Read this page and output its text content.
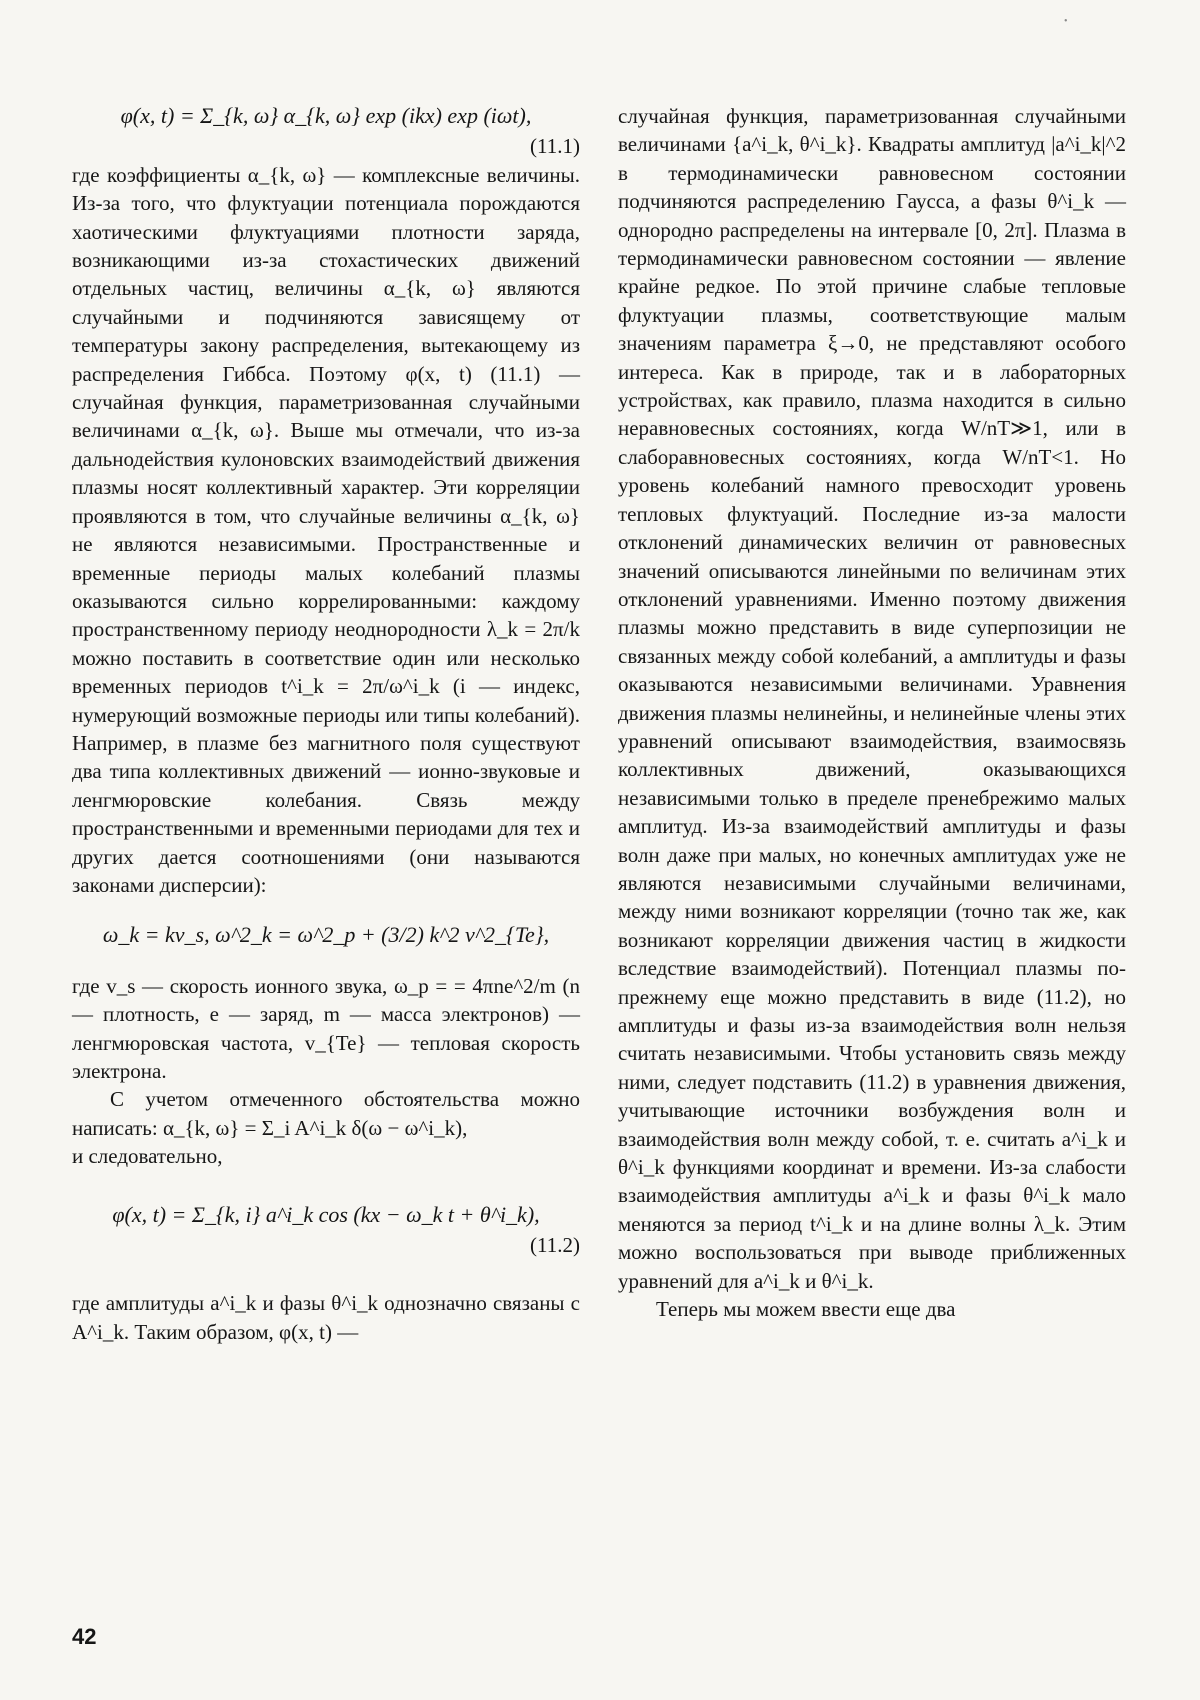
φ(x, t) = Σ_{k, ω} α_{k, ω} exp (ikx) exp (iωt),
(11.1)

где коэффициенты α_{k, ω} — комплексные величины. Из-за того, что флуктуации потенциала порождаются хаотическими флуктуациями плотности заряда, возникающими из-за стохастических движений отдельных частиц, величины α_{k, ω} являются случайными и подчиняются зависящему от температуры закону распределения, вытекающему из распределения Гиббса. Поэтому φ(x, t) (11.1) — случайная функция, параметризованная случайными величинами α_{k, ω}. Выше мы отмечали, что из-за дальнодействия кулоновских взаимодействий движения плазмы носят коллективный характер. Эти корреляции проявляются в том, что случайные величины α_{k, ω} не являются независимыми. Пространственные и временные периоды малых колебаний плазмы оказываются сильно коррелированными: каждому пространственному периоду неоднородности λ_k = 2π/k можно поставить в соответствие один или несколько временных периодов t^i_k = 2π/ω^i_k (i — индекс, нумерующий возможные периоды или типы колебаний). Например, в плазме без магнитного поля существуют два типа коллективных движений — ионно-звуковые и ленгмюровские колебания. Связь между пространственными и временными периодами для тех и других дается соотношениями (они называются законами дисперсии):

ω_k = kv_s, ω^2_k = ω^2_p + (3/2) k^2 v^2_{Te},

где v_s — скорость ионного звука, ω_p = = 4πne^2/m (n — плотность, e — заряд, m — масса электронов) — ленгмюровская частота, v_{Te} — тепловая скорость электрона.

С учетом отмеченного обстоятельства можно написать: α_{k, ω} = Σ_i A^i_k δ(ω − ω^i_k),

и следовательно,

φ(x, t) = Σ_{k, i} a^i_k cos (kx − ω_k t + θ^i_k),
(11.2)

где амплитуды a^i_k и фазы θ^i_k однозначно связаны с A^i_k. Таким образом, φ(x, t) —

случайная функция, параметризованная случайными величинами {a^i_k, θ^i_k}. Квадраты амплитуд |a^i_k|^2 в термодинамически равновесном состоянии подчиняются распределению Гаусса, а фазы θ^i_k — однородно распределены на интервале [0, 2π]. Плазма в термодинамически равновесном состоянии — явление крайне редкое. По этой причине слабые тепловые флуктуации плазмы, соответствующие малым значениям параметра ξ→0, не представляют особого интереса. Как в природе, так и в лабораторных устройствах, как правило, плазма находится в сильно неравновесных состояниях, когда W/nT≫1, или в слаборавновесных состояниях, когда W/nT<1. Но уровень колебаний намного превосходит уровень тепловых флуктуаций. Последние из-за малости отклонений динамических величин от равновесных значений описываются линейными по величинам этих отклонений уравнениями. Именно поэтому движения плазмы можно представить в виде суперпозиции не связанных между собой колебаний, а амплитуды и фазы оказываются независимыми величинами. Уравнения движения плазмы нелинейны, и нелинейные члены этих уравнений описывают взаимодействия, взаимосвязь коллективных движений, оказывающихся независимыми только в пределе пренебрежимо малых амплитуд. Из-за взаимодействий амплитуды и фазы волн даже при малых, но конечных амплитудах уже не являются независимыми случайными величинами, между ними возникают корреляции (точно так же, как возникают корреляции движения частиц в жидкости вследствие взаимодействий). Потенциал плазмы по-прежнему еще можно представить в виде (11.2), но амплитуды и фазы из-за взаимодействия волн нельзя считать независимыми. Чтобы установить связь между ними, следует подставить (11.2) в уравнения движения, учитывающие источники возбуждения волн и взаимодействия волн между собой, т. е. считать a^i_k и θ^i_k функциями координат и времени. Из-за слабости взаимодействия амплитуды a^i_k и фазы θ^i_k мало меняются за период t^i_k и на длине волны λ_k. Этим можно воспользоваться при выводе приближенных уравнений для a^i_k и θ^i_k.

Теперь мы можем ввести еще два

42
•
